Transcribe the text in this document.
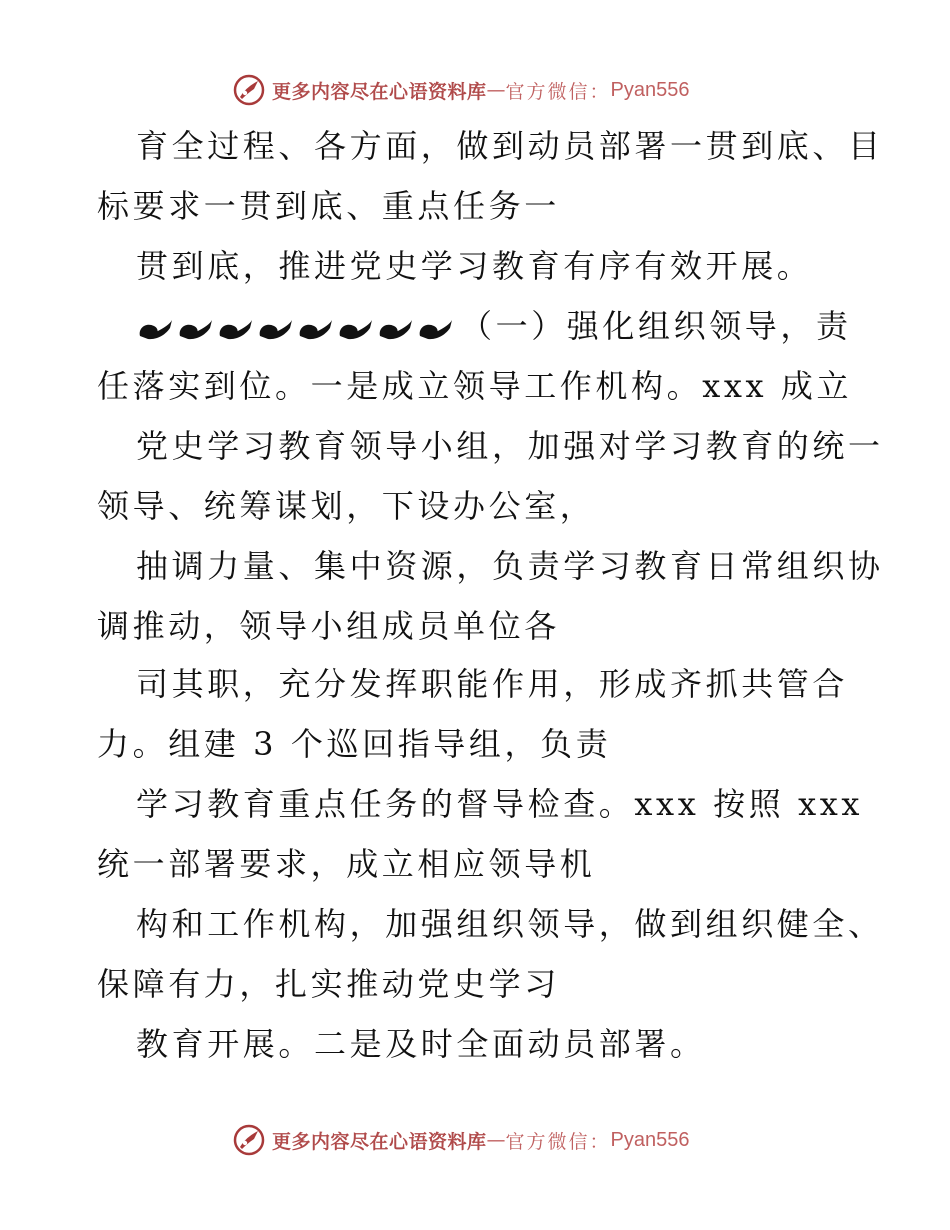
更多内容尽在心语资料库 — 官方微信： Pyan556
育全过程、各方面，做到动员部署一贯到底、目
标要求一贯到底、重点任务一
贯到底，推进党史学习教育有序有效开展。
（一）强化组织领导，责
任落实到位。一是成立领导工作机构。xxx 成立
党史学习教育领导小组，加强对学习教育的统一
领导、统筹谋划，下设办公室，
抽调力量、集中资源，负责学习教育日常组织协
调推动，领导小组成员单位各
司其职，充分发挥职能作用，形成齐抓共管合
力。组建 3 个巡回指导组，负责
学习教育重点任务的督导检查。xxx 按照 xxx
统一部署要求，成立相应领导机
构和工作机构，加强组织领导，做到组织健全、
保障有力，扎实推动党史学习
教育开展。二是及时全面动员部署。
更多内容尽在心语资料库 — 官方微信： Pyan556
